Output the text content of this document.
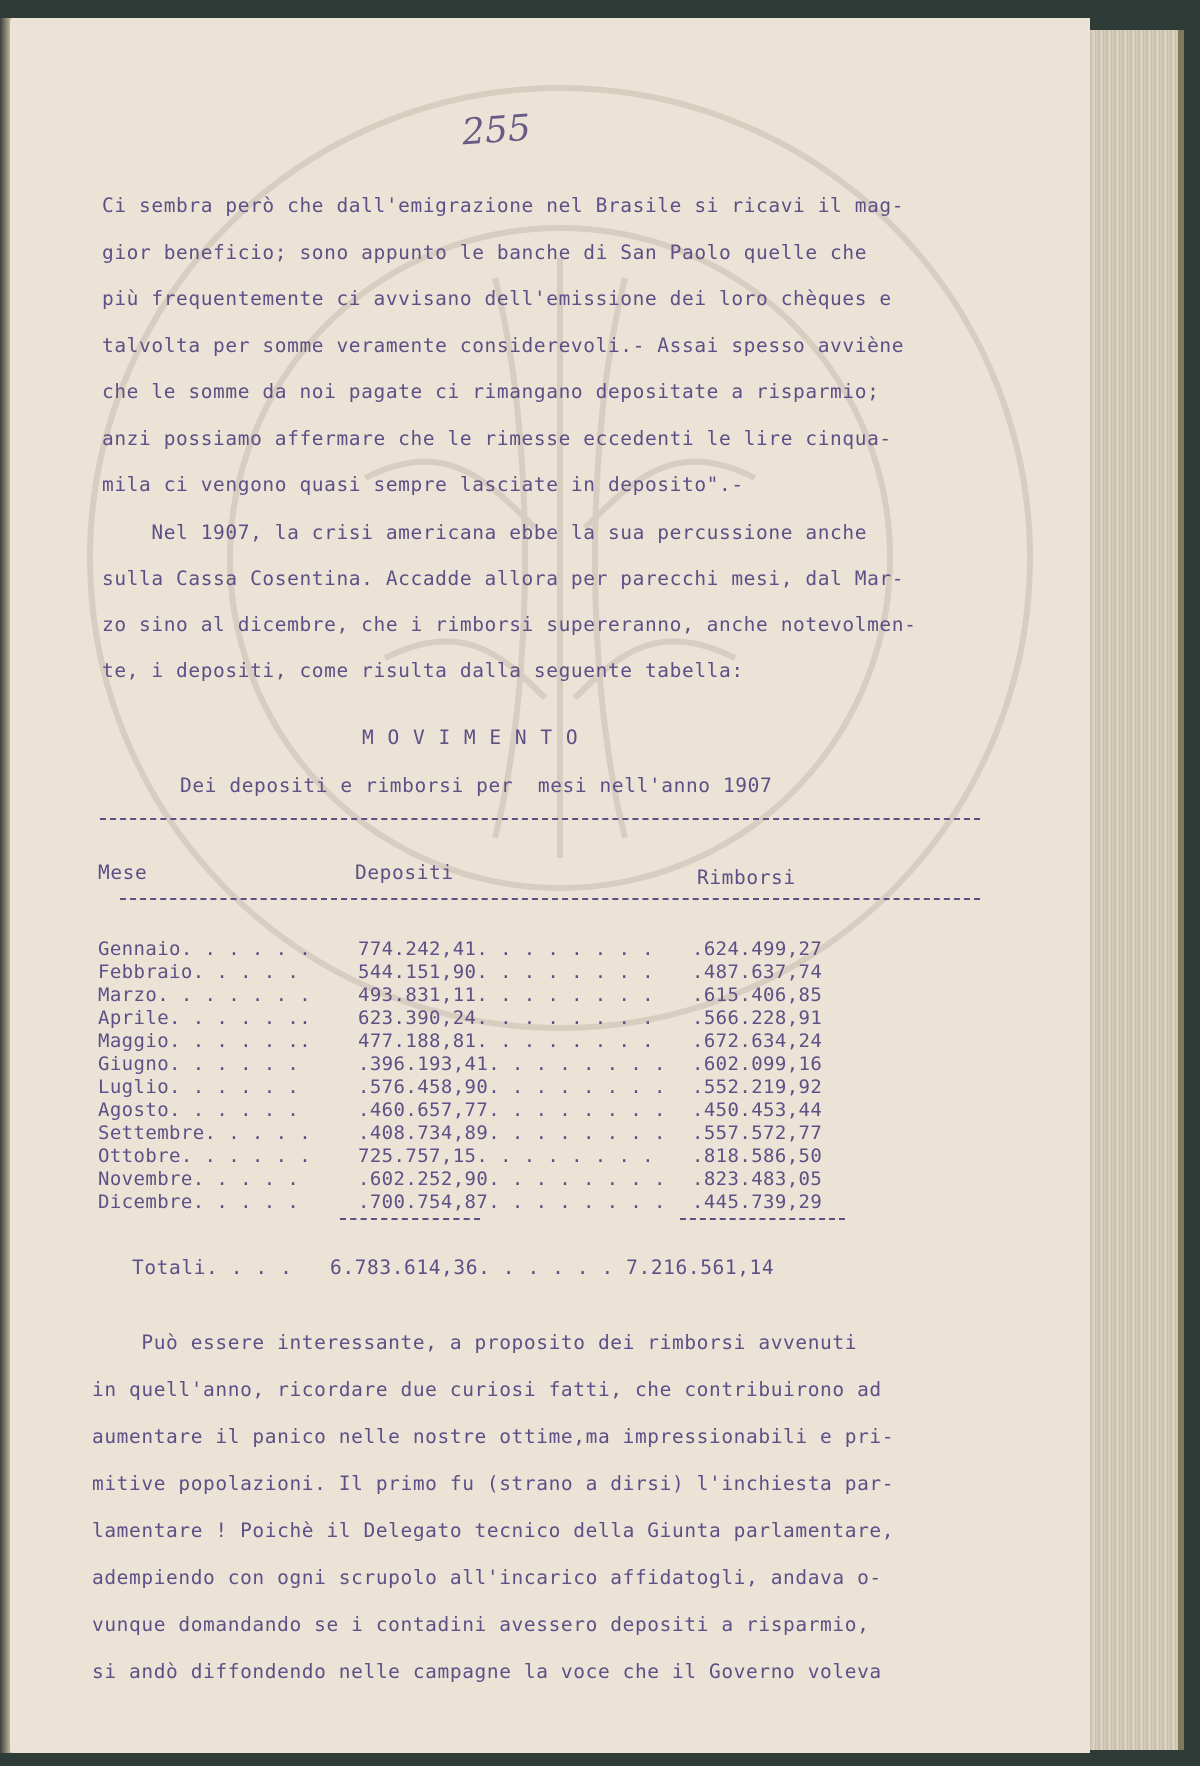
255
Ci sembra però che dall'emigrazione nel Brasile si ricavi il mag-
gior beneficio; sono appunto le banche di San Paolo quelle che
più frequentemente ci avvisano dell'emissione dei loro chèques e
talvolta per somme veramente considerevoli.- Assai spesso avviène
che le somme da noi pagate ci rimangano depositate a risparmio;
anzi possiamo affermare che le rimesse eccedenti le lire cinqua-
mila ci vengono quasi sempre lasciate in deposito".-
Nel 1907, la crisi americana ebbe la sua percussione anche
sulla Cassa Cosentina. Accadde allora per parecchi mesi, dal Mar-
zo sino al dicembre, che i rimborsi supereranno, anche notevolmen-
te, i depositi, come risulta dalla seguente tabella:
M O V I M E N T O
Dei depositi e rimborsi per  mesi nell'anno 1907
Mese	Depositi	Rimborsi
Gennaio. . . . . . 774.242,41. . . . . . . . .624.499,27
Febbraio. . . . .	544.151,90. . . . . . . . .487.637,74
Marzo. . . . . . . 493.831,11. . . . . . . . .615.406,85
Aprile. . . . . .. 623.390,24. . . . . . . . .566.228,91
Maggio. . . . . .. 477.188,81. . . . . . . . .672.634,24
Giugno. . . . . .	.396.193,41. . . . . . . . .602.099,16
Luglio. . . . . .	.576.458,90. . . . . . . . .552.219,92
Agosto. . . . . .	.460.657,77. . . . . . . . .450.453,44
Settembre. . . . . .408.734,89. . . . . . . . .557.572,77
Ottobre. . . . . . 725.757,15. . . . . . . . .818.586,50
Novembre. . . . .	.602.252,90. . . . . . . . .823.483,05
Dicembre. . . . .	.700.754,87. . . . . . . . .445.739,29
Totali. . . . 6.783.614,36. . . . . . 7.216.561,14
Può essere interessante, a proposito dei rimborsi avvenuti
in quell'anno, ricordare due curiosi fatti, che contribuirono ad
aumentare il panico nelle nostre ottime,ma impressionabili e pri-
mitive popolazioni. Il primo fu (strano a dirsi) l'inchiesta par-
lamentare ! Poichè il Delegato tecnico della Giunta parlamentare,
adempiendo con ogni scrupolo all'incarico affidatogli, andava o-
vunque domandando se i contadini avessero depositi a risparmio,
si andò diffondendo nelle campagne la voce che il Governo voleva
